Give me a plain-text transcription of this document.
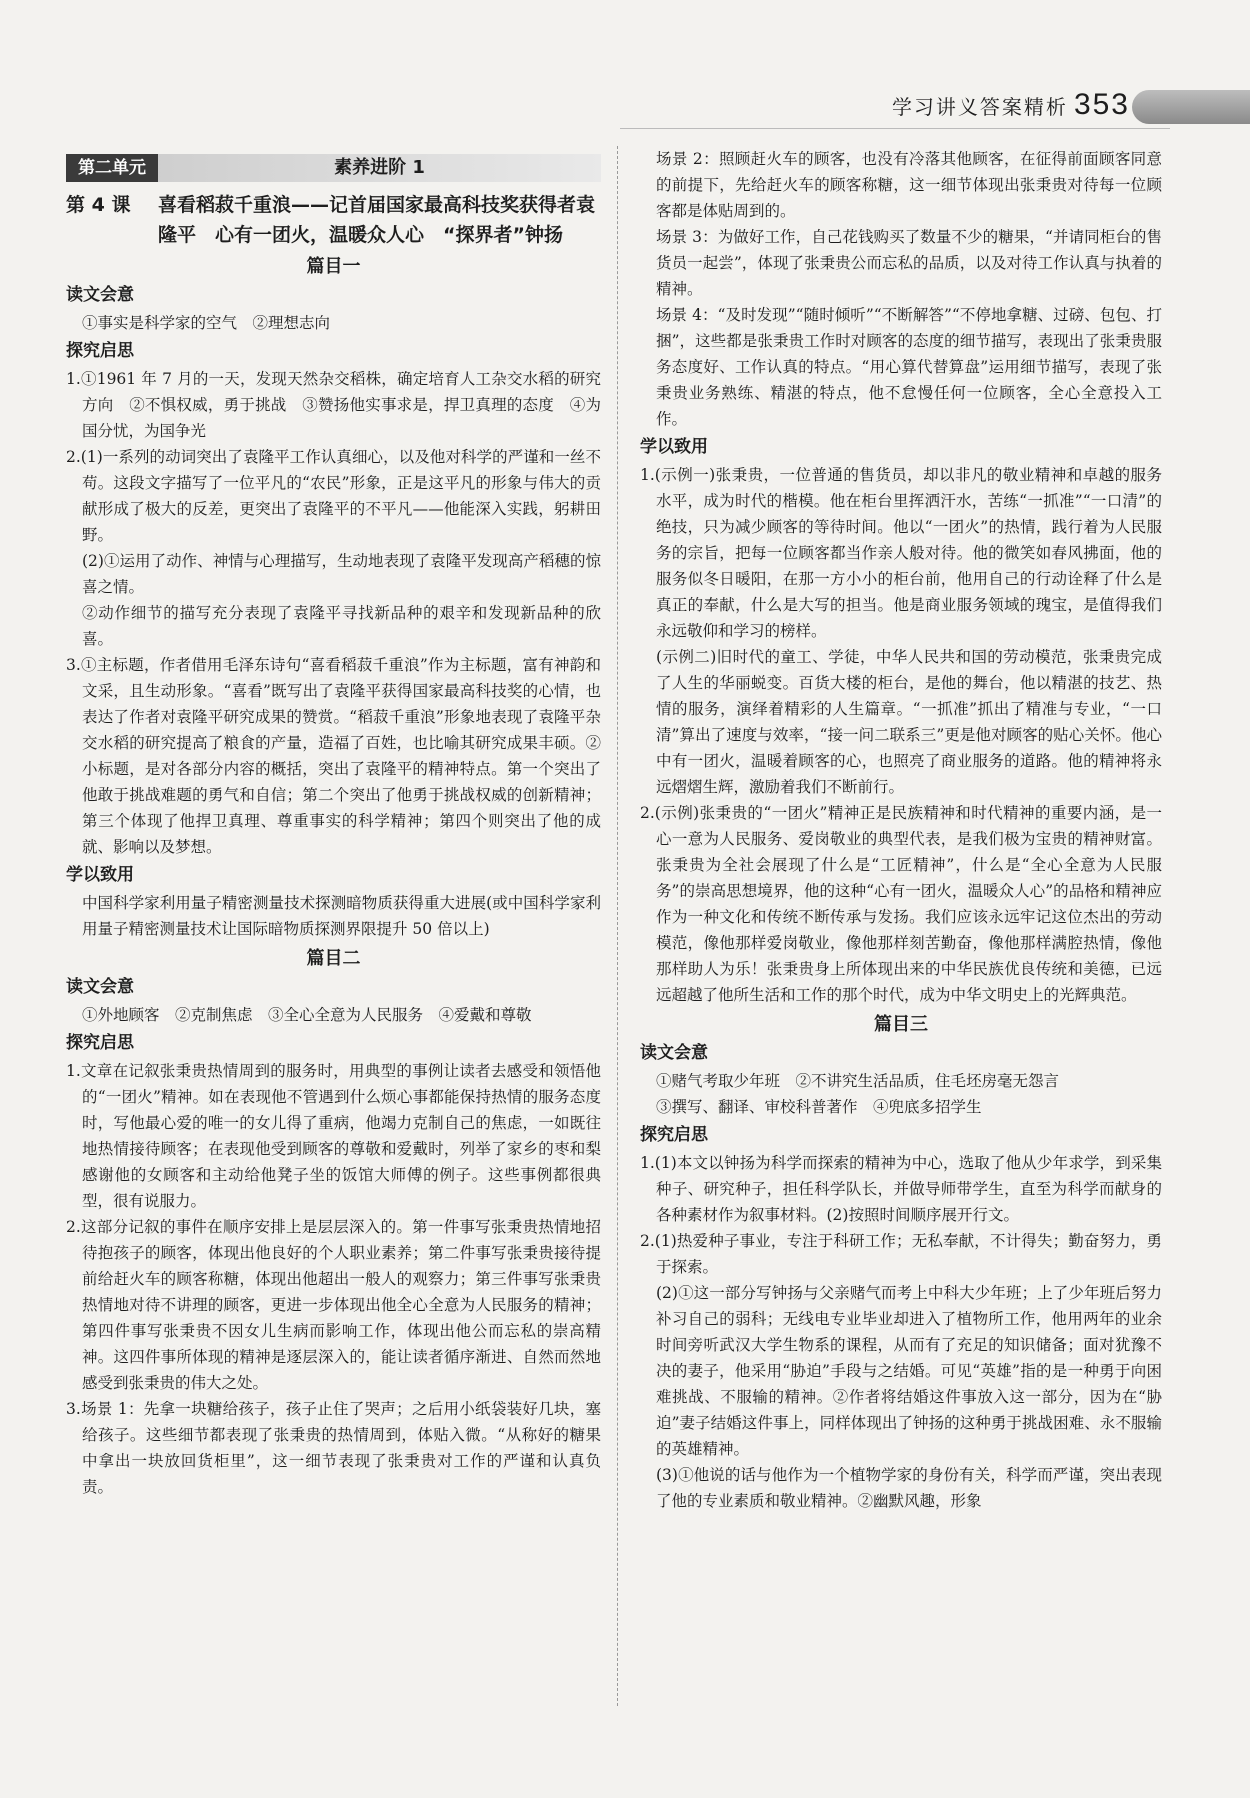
学习讲义答案精析 353
第二单元	素养进阶 1
第 4 课	喜看稻菽千重浪——记首届国家最高科技奖获得者袁隆平　心有一团火，温暖众人心　“探界者”钟扬
篇目一
读文会意

①事实是科学家的空气　②理想志向

探究启思

1.①1961 年 7 月的一天，发现天然杂交稻株，确定培育人工杂交水稻的研究方向　②不惧权威，勇于挑战　③赞扬他实事求是，捍卫真理的态度　④为国分忧，为国争光

2.(1)一系列的动词突出了袁隆平工作认真细心，以及他对科学的严谨和一丝不苟。这段文字描写了一位平凡的“农民”形象，正是这平凡的形象与伟大的贡献形成了极大的反差，更突出了袁隆平的不平凡——他能深入实践，躬耕田野。

(2)①运用了动作、神情与心理描写，生动地表现了袁隆平发现高产稻穗的惊喜之情。

②动作细节的描写充分表现了袁隆平寻找新品种的艰辛和发现新品种的欣喜。

3.①主标题，作者借用毛泽东诗句“喜看稻菽千重浪”作为主标题，富有神韵和文采，且生动形象。“喜看”既写出了袁隆平获得国家最高科技奖的心情，也表达了作者对袁隆平研究成果的赞赏。“稻菽千重浪”形象地表现了袁隆平杂交水稻的研究提高了粮食的产量，造福了百姓，也比喻其研究成果丰硕。②小标题，是对各部分内容的概括，突出了袁隆平的精神特点。第一个突出了他敢于挑战难题的勇气和自信；第二个突出了他勇于挑战权威的创新精神；第三个体现了他捍卫真理、尊重事实的科学精神；第四个则突出了他的成就、影响以及梦想。

学以致用

中国科学家利用量子精密测量技术探测暗物质获得重大进展(或中国科学家利用量子精密测量技术让国际暗物质探测界限提升 50 倍以上)

篇目二
读文会意

①外地顾客　②克制焦虑　③全心全意为人民服务　④爱戴和尊敬

探究启思

1.文章在记叙张秉贵热情周到的服务时，用典型的事例让读者去感受和领悟他的“一团火”精神。如在表现他不管遇到什么烦心事都能保持热情的服务态度时，写他最心爱的唯一的女儿得了重病，他竭力克制自己的焦虑，一如既往地热情接待顾客；在表现他受到顾客的尊敬和爱戴时，列举了家乡的枣和梨感谢他的女顾客和主动给他凳子坐的饭馆大师傅的例子。这些事例都很典型，很有说服力。

2.这部分记叙的事件在顺序安排上是层层深入的。第一件事写张秉贵热情地招待抱孩子的顾客，体现出他良好的个人职业素养；第二件事写张秉贵接待提前给赶火车的顾客称糖，体现出他超出一般人的观察力；第三件事写张秉贵热情地对待不讲理的顾客，更进一步体现出他全心全意为人民服务的精神；第四件事写张秉贵不因女儿生病而影响工作，体现出他公而忘私的崇高精神。这四件事所体现的精神是逐层深入的，能让读者循序渐进、自然而然地感受到张秉贵的伟大之处。

3.场景 1：先拿一块糖给孩子，孩子止住了哭声；之后用小纸袋装好几块，塞给孩子。这些细节都表现了张秉贵的热情周到，体贴入微。“从称好的糖果中拿出一块放回货柜里”，这一细节表现了张秉贵对工作的严谨和认真负责。

场景 2：照顾赶火车的顾客，也没有冷落其他顾客，在征得前面顾客同意的前提下，先给赶火车的顾客称糖，这一细节体现出张秉贵对待每一位顾客都是体贴周到的。

场景 3：为做好工作，自己花钱购买了数量不少的糖果，“并请同柜台的售货员一起尝”，体现了张秉贵公而忘私的品质，以及对待工作认真与执着的精神。

场景 4：“及时发现”“随时倾听”“不断解答”“不停地拿糖、过磅、包包、打捆”，这些都是张秉贵工作时对顾客的态度的细节描写，表现出了张秉贵服务态度好、工作认真的特点。“用心算代替算盘”运用细节描写，表现了张秉贵业务熟练、精湛的特点，他不怠慢任何一位顾客，全心全意投入工作。

学以致用

1.(示例一)张秉贵，一位普通的售货员，却以非凡的敬业精神和卓越的服务水平，成为时代的楷模。他在柜台里挥洒汗水，苦练“一抓准”“一口清”的绝技，只为减少顾客的等待时间。他以“一团火”的热情，践行着为人民服务的宗旨，把每一位顾客都当作亲人般对待。他的微笑如春风拂面，他的服务似冬日暖阳，在那一方小小的柜台前，他用自己的行动诠释了什么是真正的奉献，什么是大写的担当。他是商业服务领域的瑰宝，是值得我们永远敬仰和学习的榜样。

(示例二)旧时代的童工、学徒，中华人民共和国的劳动模范，张秉贵完成了人生的华丽蜕变。百货大楼的柜台，是他的舞台，他以精湛的技艺、热情的服务，演绎着精彩的人生篇章。“一抓准”抓出了精准与专业，“一口清”算出了速度与效率，“接一问二联系三”更是他对顾客的贴心关怀。他心中有一团火，温暖着顾客的心，也照亮了商业服务的道路。他的精神将永远熠熠生辉，激励着我们不断前行。

2.(示例)张秉贵的“一团火”精神正是民族精神和时代精神的重要内涵，是一心一意为人民服务、爱岗敬业的典型代表，是我们极为宝贵的精神财富。张秉贵为全社会展现了什么是“工匠精神”，什么是“全心全意为人民服务”的崇高思想境界，他的这种“心有一团火，温暖众人心”的品格和精神应作为一种文化和传统不断传承与发扬。我们应该永远牢记这位杰出的劳动模范，像他那样爱岗敬业，像他那样刻苦勤奋，像他那样满腔热情，像他那样助人为乐！张秉贵身上所体现出来的中华民族优良传统和美德，已远远超越了他所生活和工作的那个时代，成为中华文明史上的光辉典范。

篇目三
读文会意

①赌气考取少年班　②不讲究生活品质，住毛坯房毫无怨言

③撰写、翻译、审校科普著作　④兜底多招学生

探究启思

1.(1)本文以钟扬为科学而探索的精神为中心，选取了他从少年求学，到采集种子、研究种子，担任科学队长，并做导师带学生，直至为科学而献身的各种素材作为叙事材料。(2)按照时间顺序展开行文。

2.(1)热爱种子事业，专注于科研工作；无私奉献，不计得失；勤奋努力，勇于探索。

(2)①这一部分写钟扬与父亲赌气而考上中科大少年班；上了少年班后努力补习自己的弱科；无线电专业毕业却进入了植物所工作，他用两年的业余时间旁听武汉大学生物系的课程，从而有了充足的知识储备；面对犹豫不决的妻子，他采用“胁迫”手段与之结婚。可见“英雄”指的是一种勇于向困难挑战、不服输的精神。②作者将结婚这件事放入这一部分，因为在“胁迫”妻子结婚这件事上，同样体现出了钟扬的这种勇于挑战困难、永不服输的英雄精神。

(3)①他说的话与他作为一个植物学家的身份有关，科学而严谨，突出表现了他的专业素质和敬业精神。②幽默风趣，形象
